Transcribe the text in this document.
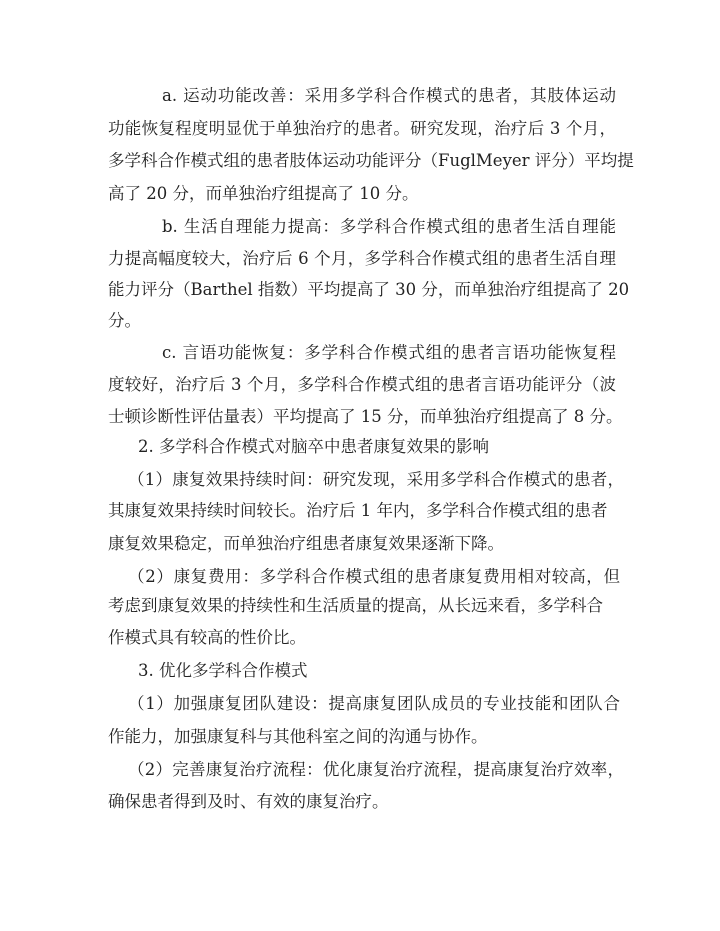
a. 运动功能改善：采用多学科合作模式的患者，其肢体运动
功能恢复程度明显优于单独治疗的患者。研究发现，治疗后 3 个月，
多学科合作模式组的患者肢体运动功能评分（FuglMeyer 评分）平均提
高了 20 分，而单独治疗组提高了 10 分。
b. 生活自理能力提高：多学科合作模式组的患者生活自理能
力提高幅度较大，治疗后 6 个月，多学科合作模式组的患者生活自理
能力评分（Barthel 指数）平均提高了 30 分，而单独治疗组提高了 20
分。
c. 言语功能恢复：多学科合作模式组的患者言语功能恢复程
度较好，治疗后 3 个月，多学科合作模式组的患者言语功能评分（波
士顿诊断性评估量表）平均提高了 15 分，而单独治疗组提高了 8 分。
2. 多学科合作模式对脑卒中患者康复效果的影响
（1）康复效果持续时间：研究发现，采用多学科合作模式的患者，
其康复效果持续时间较长。治疗后 1 年内，多学科合作模式组的患者
康复效果稳定，而单独治疗组患者康复效果逐渐下降。
（2）康复费用：多学科合作模式组的患者康复费用相对较高，但
考虑到康复效果的持续性和生活质量的提高，从长远来看，多学科合
作模式具有较高的性价比。
3. 优化多学科合作模式
（1）加强康复团队建设：提高康复团队成员的专业技能和团队合
作能力，加强康复科与其他科室之间的沟通与协作。
（2）完善康复治疗流程：优化康复治疗流程，提高康复治疗效率，
确保患者得到及时、有效的康复治疗。
